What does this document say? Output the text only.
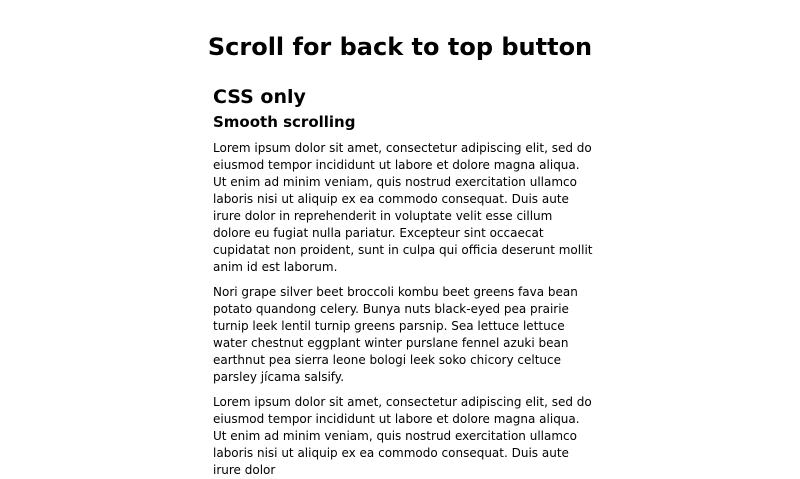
Scroll for back to top button
CSS only
Smooth scrolling

Lorem ipsum dolor sit amet, consectetur adipiscing elit, sed do eiusmod tempor incididunt ut labore et dolore magna aliqua. Ut enim ad minim veniam, quis nostrud exercitation ullamco laboris nisi ut aliquip ex ea commodo consequat. Duis aute irure dolor in reprehenderit in voluptate velit esse cillum dolore eu fugiat nulla pariatur. Excepteur sint occaecat cupidatat non proident, sunt in culpa qui officia deserunt mollit anim id est laborum.

Nori grape silver beet broccoli kombu beet greens fava bean potato quandong celery. Bunya nuts black-eyed pea prairie turnip leek lentil turnip greens parsnip. Sea lettuce lettuce water chestnut eggplant winter purslane fennel azuki bean earthnut pea sierra leone bologi leek soko chicory celtuce parsley jícama salsify.

Lorem ipsum dolor sit amet, consectetur adipiscing elit, sed do eiusmod tempor incididunt ut labore et dolore magna aliqua. Ut enim ad minim veniam, quis nostrud exercitation ullamco laboris nisi ut aliquip ex ea commodo consequat. Duis aute irure dolor
